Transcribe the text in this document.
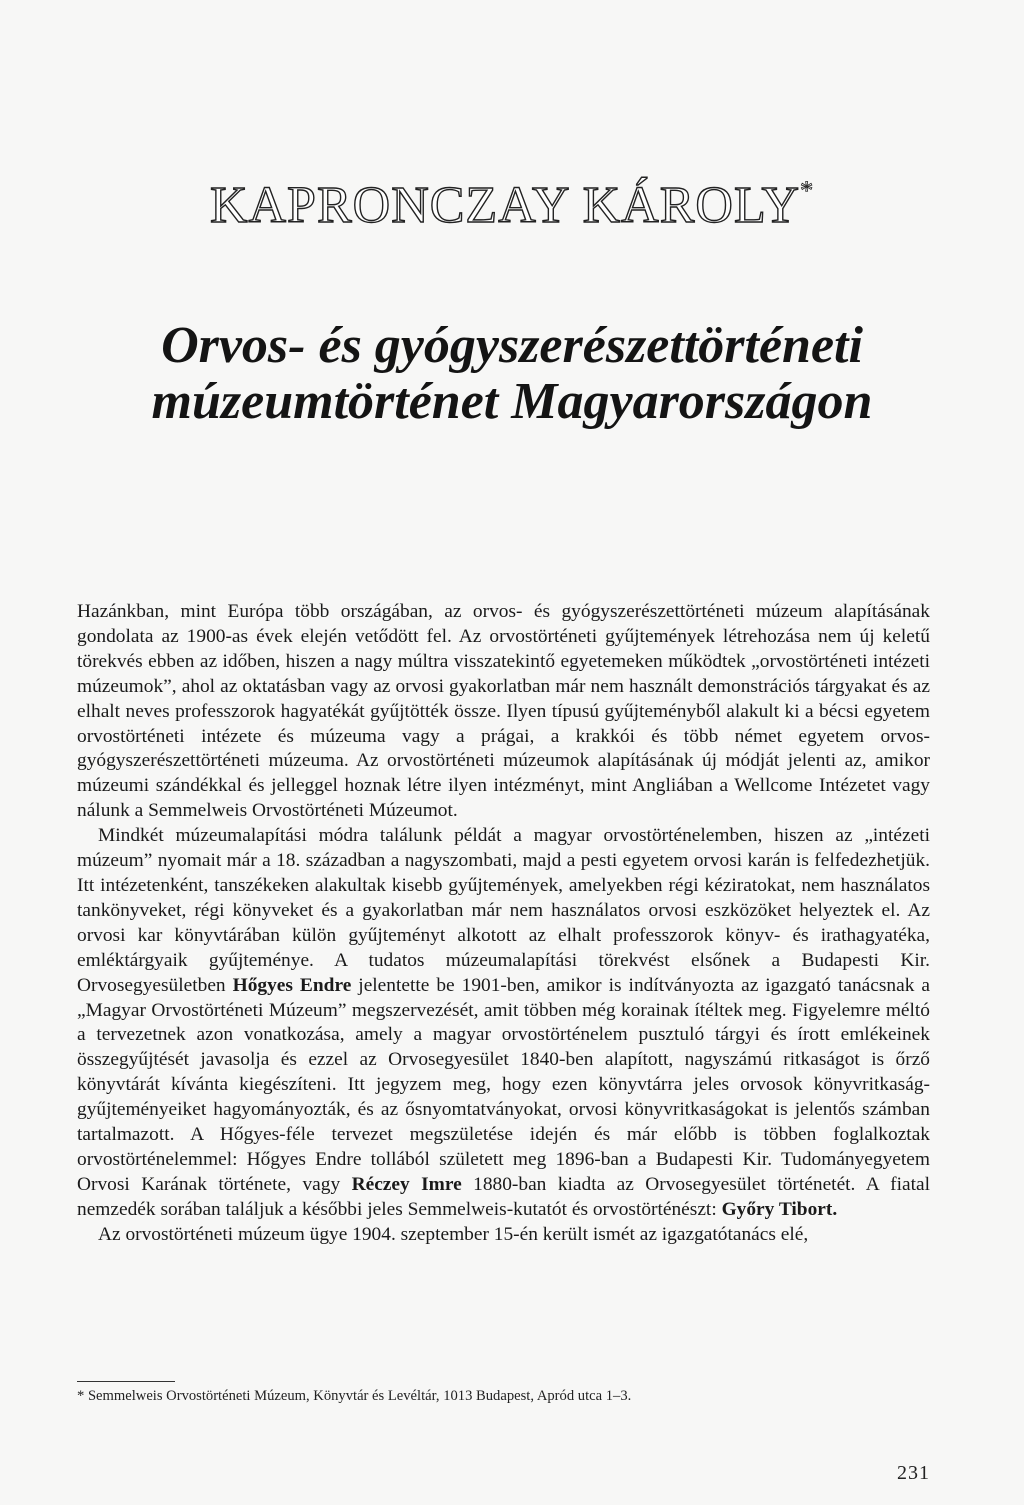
KAPRONCZAY KÁROLY*
Orvos- és gyógyszerészettörténeti
múzeumtörténet Magyarországon

Hazánkban, mint Európa több országában, az orvos- és gyógyszerészettörténeti múzeum alapításának gondolata az 1900-as évek elején vetődött fel. Az orvostörténeti gyűjtemények létrehozása nem új keletű törekvés ebben az időben, hiszen a nagy múltra visszatekintő egyetemeken működtek „orvostörténeti intézeti múzeumok”, ahol az oktatásban vagy az orvosi gyakorlatban már nem használt demonstrációs tárgyakat és az elhalt neves professzorok hagyatékát gyűjtötték össze. Ilyen típusú gyűjteményből alakult ki a bécsi egyetem orvostörténeti intézete és múzeuma vagy a prágai, a krakkói és több német egyetem orvos-gyógyszerészettörténeti múzeuma. Az orvostörténeti múzeumok alapításának új módját jelenti az, amikor múzeumi szándékkal és jelleggel hoznak létre ilyen intézményt, mint Angliában a Wellcome Intézetet vagy nálunk a Semmelweis Orvostörténeti Múzeumot.

Mindkét múzeumalapítási módra találunk példát a magyar orvostörténelemben, hiszen az „intézeti múzeum” nyomait már a 18. században a nagyszombati, majd a pesti egyetem orvosi karán is felfedezhetjük. Itt intézetenként, tanszékeken alakultak kisebb gyűjtemények, amelyekben régi kéziratokat, nem használatos tankönyveket, régi könyveket és a gyakorlatban már nem használatos orvosi eszközöket helyeztek el. Az orvosi kar könyvtárában külön gyűjteményt alkotott az elhalt professzorok könyv- és irathagyatéka, emléktárgyaik gyűjteménye. A tudatos múzeumalapítási törekvést elsőnek a Budapesti Kir. Orvosegyesületben Hőgyes Endre jelentette be 1901-ben, amikor is indítványozta az igazgató tanácsnak a „Magyar Orvostörténeti Múzeum” megszervezését, amit többen még korainak ítéltek meg. Figyelemre méltó a tervezetnek azon vonatkozása, amely a magyar orvostörténelem pusztuló tárgyi és írott emlékeinek összegyűjtését javasolja és ezzel az Orvosegyesület 1840-ben alapított, nagyszámú ritkaságot is őrző könyvtárát kívánta kiegészíteni. Itt jegyzem meg, hogy ezen könyvtárra jeles orvosok könyvritkaság-gyűjteményeiket hagyományozták, és az ősnyomtatványokat, orvosi könyvritkaságokat is jelentős számban tartalmazott. A Hőgyes-féle tervezet megszületése idején és már előbb is többen foglalkoztak orvostörténelemmel: Hőgyes Endre tollából született meg 1896-ban a Budapesti Kir. Tudományegyetem Orvosi Karának története, vagy Réczey Imre 1880-ban kiadta az Orvosegyesület történetét. A fiatal nemzedék sorában találjuk a későbbi jeles Semmelweis-kutatót és orvostörténészt: Győry Tibort.

Az orvostörténeti múzeum ügye 1904. szeptember 15-én került ismét az igazgatótanács elé,

* Semmelweis Orvostörténeti Múzeum, Könyvtár és Levéltár, 1013 Budapest, Apród utca 1–3.
231
